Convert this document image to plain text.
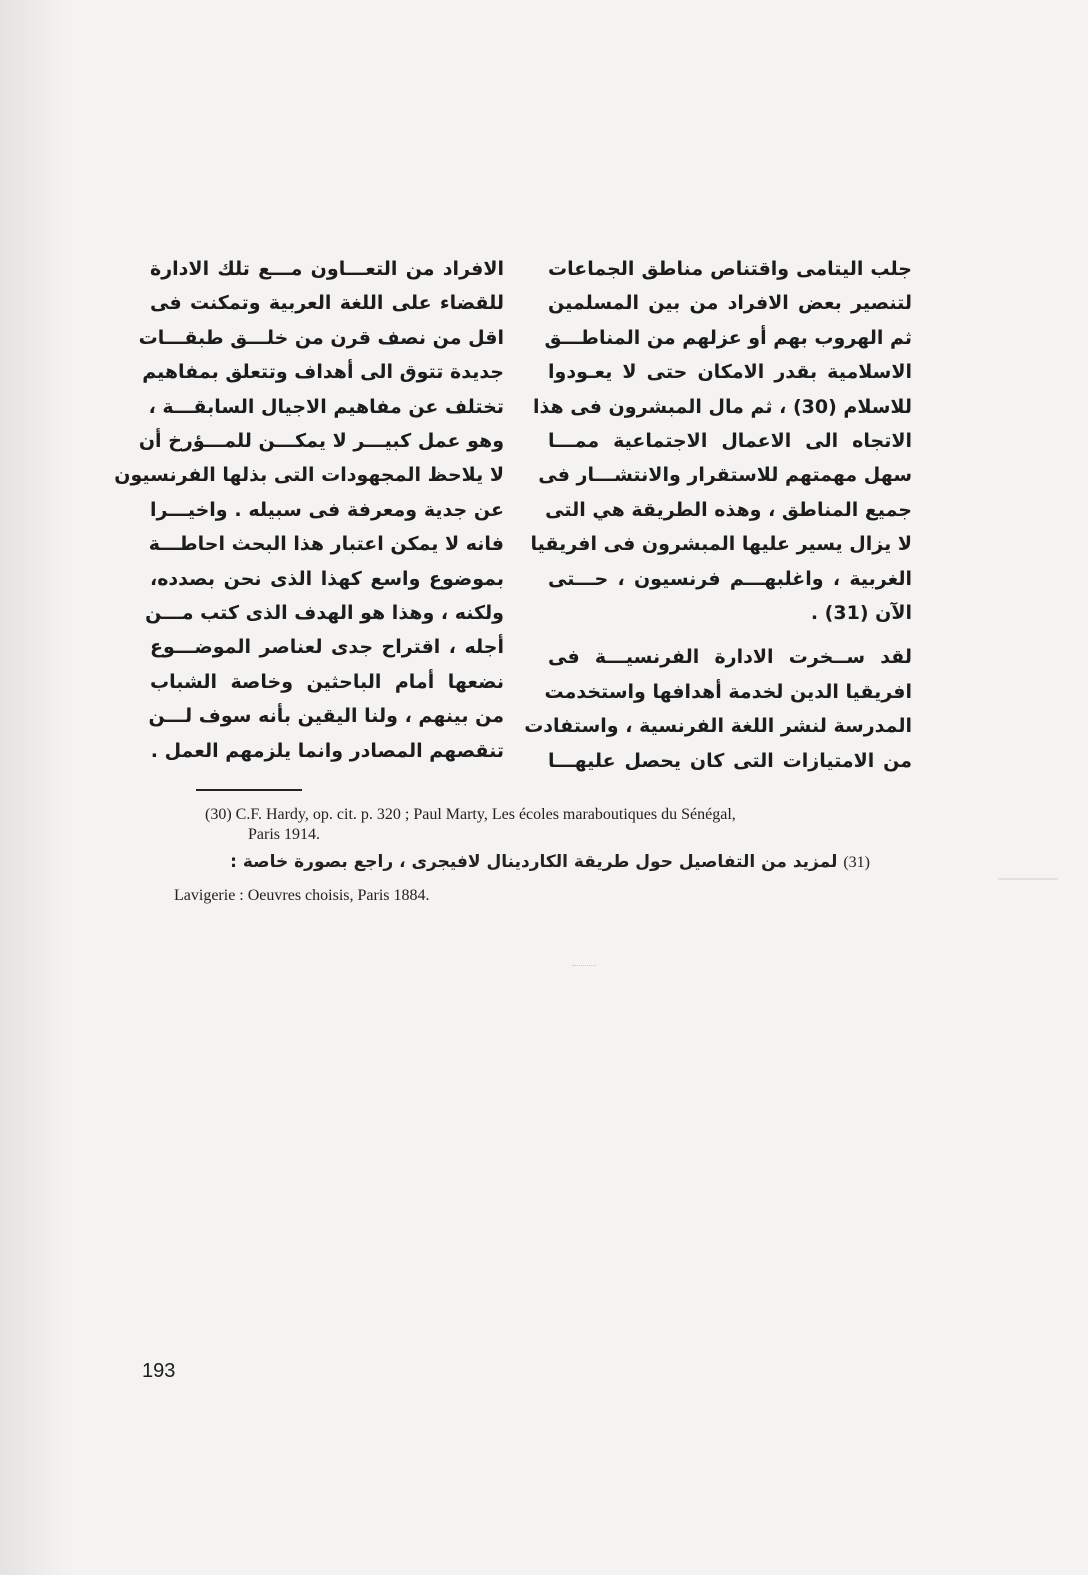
جلب اليتامى واقتناص مناطق الجماعات
لتنصير بعض الافراد من بين المسلمين
ثم الهروب بهم أو عزلهم من المناطـــق
الاسلامية بقدر الامكان حتى لا يعـودوا
للاسلام (30) ، ثم مال المبشرون فى هذا
الاتجاه الى الاعمال الاجتماعية ممـــا
سهل مهمتهم للاستقرار والانتشـــار فى
جميع المناطق ، وهذه الطريقة هي التى
لا يزال يسير عليها المبشرون فى افريقيا
الغربية ، واغلبهـــم فرنسيون ، حـــتى
الآن (31) .
لقد ســخرت الادارة الفرنسيـــة فى
افريقيا الدين لخدمة أهدافها واستخدمت
المدرسة لنشر اللغة الفرنسية ، واستفادت
من الامتيازات التى كان يحصل عليهـــا
الافراد من التعـــاون مـــع تلك الادارة
للقضاء على اللغة العربية وتمكنت فى
اقل من نصف قرن من خلـــق طبقـــات
جديدة تتوق الى أهداف وتتعلق بمفاهيم
تختلف عن مفاهيم الاجيال السابقـــة ،
وهو عمل كبيـــر لا يمكـــن للمـــؤرخ أن
لا يلاحظ المجهودات التى بذلها الفرنسيون
عن جدية ومعرفة فى سبيله . واخيـــرا
فانه لا يمكن اعتبار هذا البحث احاطـــة
بموضوع واسع كهذا الذى نحن بصدده،
ولكنه ، وهذا هو الهدف الذى كتب مـــن
أجله ، اقتراح جدى لعناصر الموضـــوع
نضعها أمام الباحثين وخاصة الشباب
من بينهم ، ولنا اليقين بأنه سوف لـــن
تنقصهم المصادر وانما يلزمهم العمل .
(30) C.F. Hardy, op. cit. p. 320 ; Paul Marty, Les écoles maraboutiques du Sénégal,
Paris 1914.
(31) لمزيد من التفاصيل حول طريقة الكاردينال لافيجرى ، راجع بصورة خاصة :
Lavigerie : Oeuvres choisis, Paris 1884.
193
